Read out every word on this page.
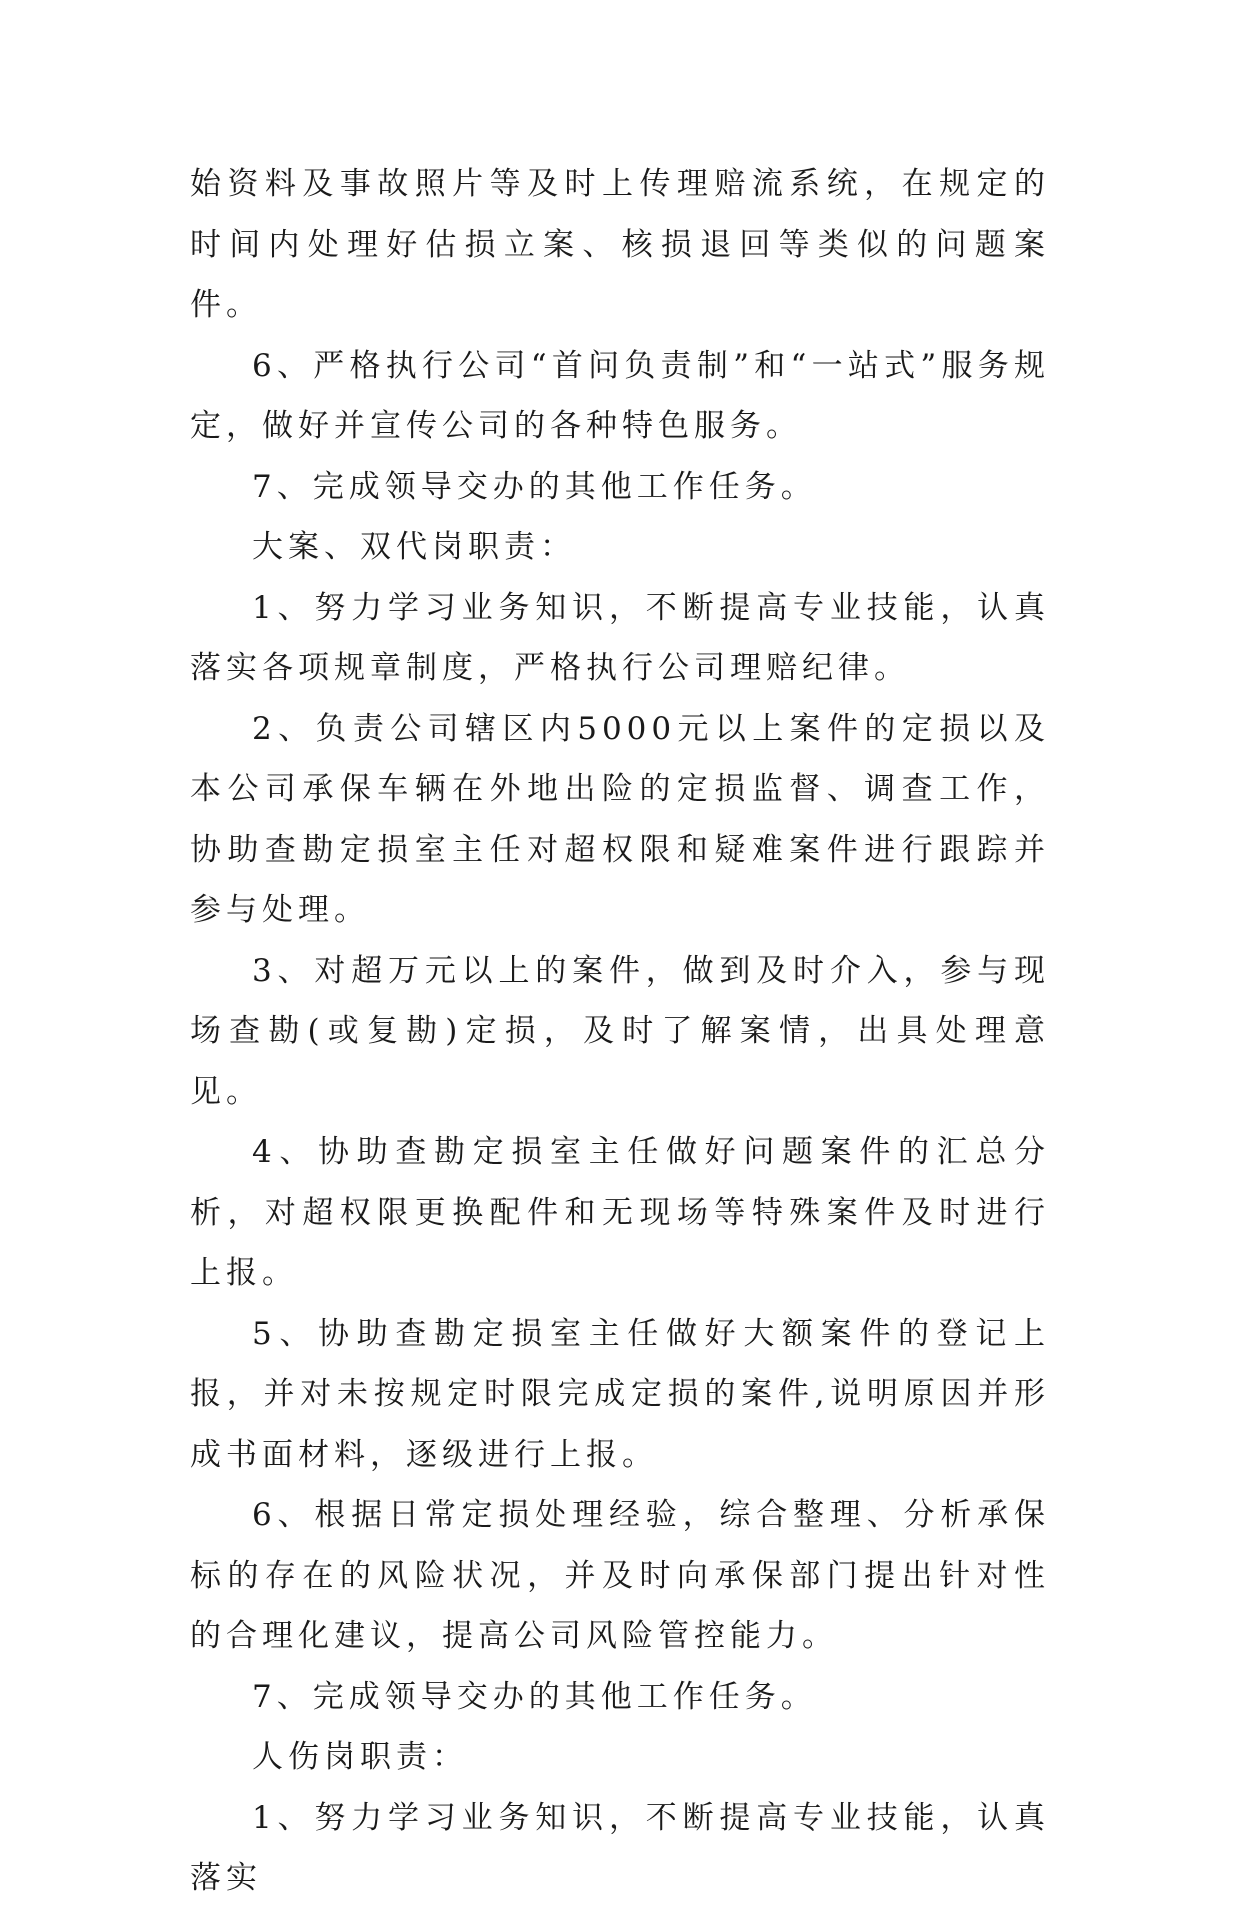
始资料及事故照片等及时上传理赔流系统，在规定的时间内处理好估损立案、核损退回等类似的问题案件。

6、严格执行公司“首问负责制”和“一站式”服务规定，做好并宣传公司的各种特色服务。

7、完成领导交办的其他工作任务。

大案、双代岗职责：

1、努力学习业务知识，不断提高专业技能，认真落实各项规章制度，严格执行公司理赔纪律。

2、负责公司辖区内5000元以上案件的定损以及本公司承保车辆在外地出险的定损监督、调查工作，协助查勘定损室主任对超权限和疑难案件进行跟踪并参与处理。

3、对超万元以上的案件，做到及时介入，参与现场查勘(或复勘)定损，及时了解案情，出具处理意见。

4、协助查勘定损室主任做好问题案件的汇总分析，对超权限更换配件和无现场等特殊案件及时进行上报。

5、协助查勘定损室主任做好大额案件的登记上报，并对未按规定时限完成定损的案件,说明原因并形成书面材料，逐级进行上报。

6、根据日常定损处理经验，综合整理、分析承保标的存在的风险状况，并及时向承保部门提出针对性的合理化建议，提高公司风险管控能力。

7、完成领导交办的其他工作任务。

人伤岗职责：

1、努力学习业务知识，不断提高专业技能，认真落实
